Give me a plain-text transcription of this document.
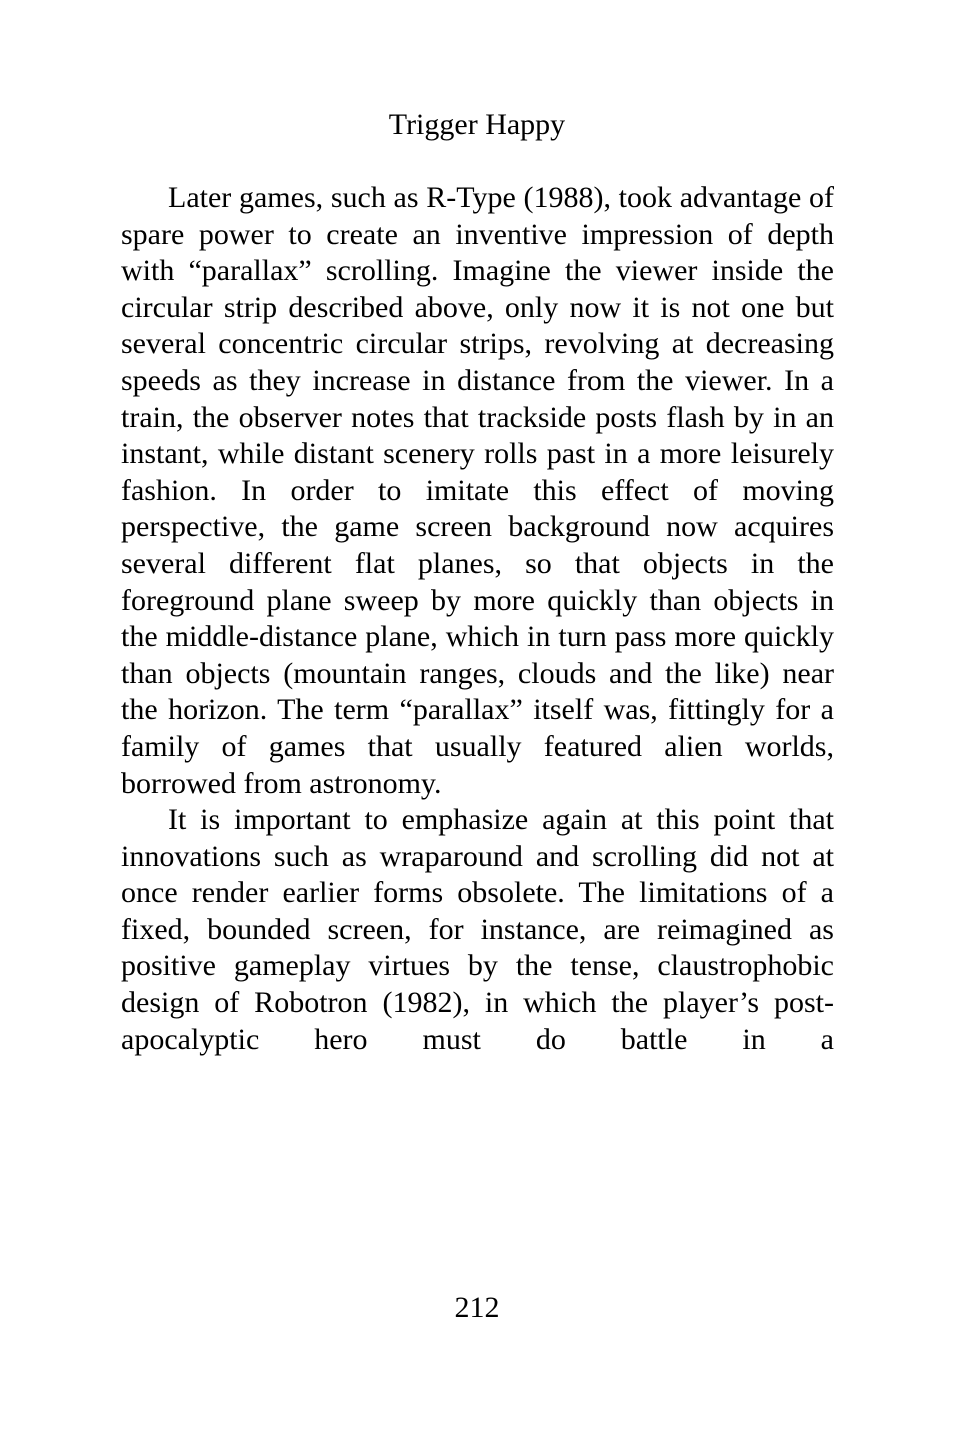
Trigger Happy

Later games, such as R-Type (1988), took advantage of spare power to create an inventive impression of depth with “parallax” scrolling. Imagine the viewer inside the circular strip described above, only now it is not one but several concentric circular strips, revolving at decreasing speeds as they increase in distance from the viewer. In a train, the observer notes that trackside posts flash by in an instant, while distant scenery rolls past in a more leisurely fashion. In order to imitate this effect of moving perspective, the game screen background now acquires several different flat planes, so that objects in the foreground plane sweep by more quickly than objects in the middle-distance plane, which in turn pass more quickly than objects (mountain ranges, clouds and the like) near the horizon. The term “parallax” itself was, fittingly for a family of games that usually featured alien worlds, borrowed from astronomy.

It is important to emphasize again at this point that innovations such as wraparound and scrolling did not at once render earlier forms obsolete. The limitations of a fixed, bounded screen, for instance, are reimagined as positive gameplay virtues by the tense, claustrophobic design of Robotron (1982), in which the player’s post-apocalyptic hero must do battle in a

212
